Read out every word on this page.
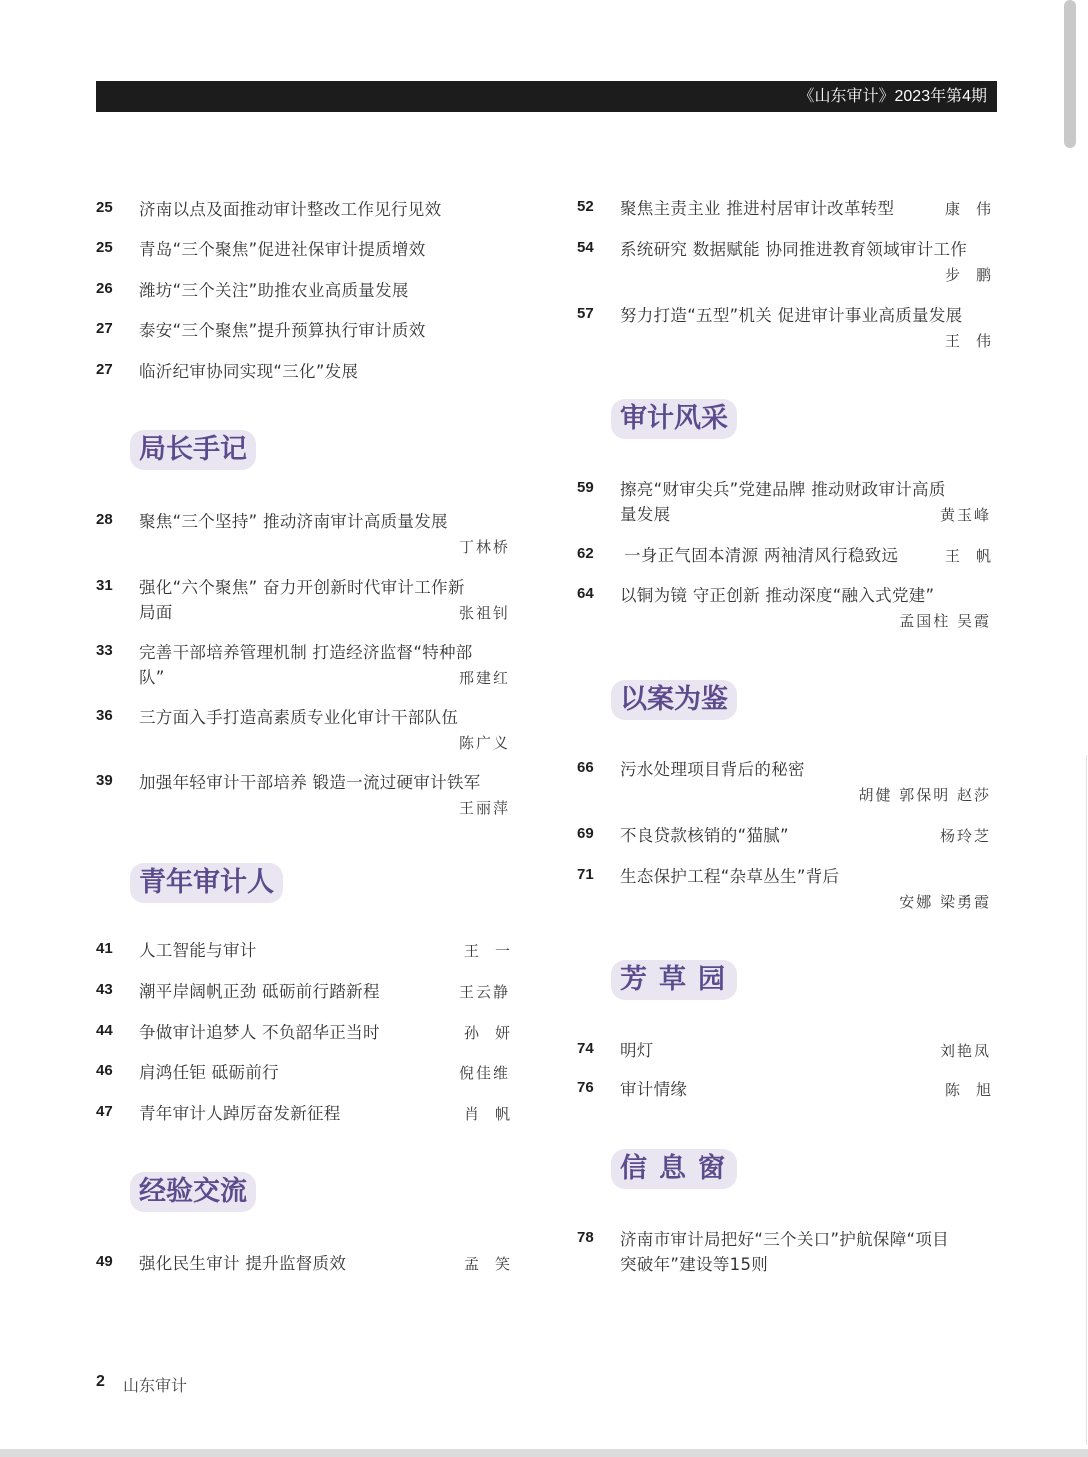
《山东审计》2023年第4期
25 济南以点及面推动审计整改工作见行见效
25 青岛“三个聚焦”促进社保审计提质增效
26 潍坊“三个关注”助推农业高质量发展
27 泰安“三个聚焦”提升预算执行审计质效
27 临沂纪审协同实现“三化”发展
局长手记
28 聚焦“三个坚持” 推动济南审计高质量发展
丁林桥
31 强化“六个聚焦” 奋力开创新时代审计工作新
局面	张祖钊
33 完善干部培养管理机制 打造经济监督“特种部
队”	邢建红
36 三方面入手打造高素质专业化审计干部队伍
陈广义
39 加强年轻审计干部培养 锻造一流过硬审计铁军
王丽萍
青年审计人
41 人工智能与审计	王一
43 潮平岸阔帆正劲 砥砺前行踏新程	王云静
44 争做审计追梦人 不负韶华正当时	孙妍
46 肩鸿任钜 砥砺前行	倪佳维
47 青年审计人踔厉奋发新征程	肖帆
经验交流
49 强化民生审计 提升监督质效	孟笑
52 聚焦主责主业 推进村居审计改革转型	康伟
54 系统研究 数据赋能 协同推进教育领域审计工作
步鹏
57 努力打造“五型”机关 促进审计事业高质量发展
王伟
审计风采
59 擦亮“财审尖兵”党建品牌 推动财政审计高质
量发展	黄玉峰
62 一身正气固本清源 两袖清风行稳致远	王帆
64 以铜为镜 守正创新 推动深度“融入式党建”
孟国柱 吴霞
以案为鉴
66 污水处理项目背后的秘密
胡健 郭保明 赵莎
69 不良贷款核销的“猫腻”	杨玲芝
71 生态保护工程“杂草丛生”背后
安娜 梁勇霞
芳草园
74 明灯	刘艳凤
76 审计情缘	陈旭
信息窗
78 济南市审计局把好“三个关口”护航保障“项目
突破年”建设等15则
2 山东审计
